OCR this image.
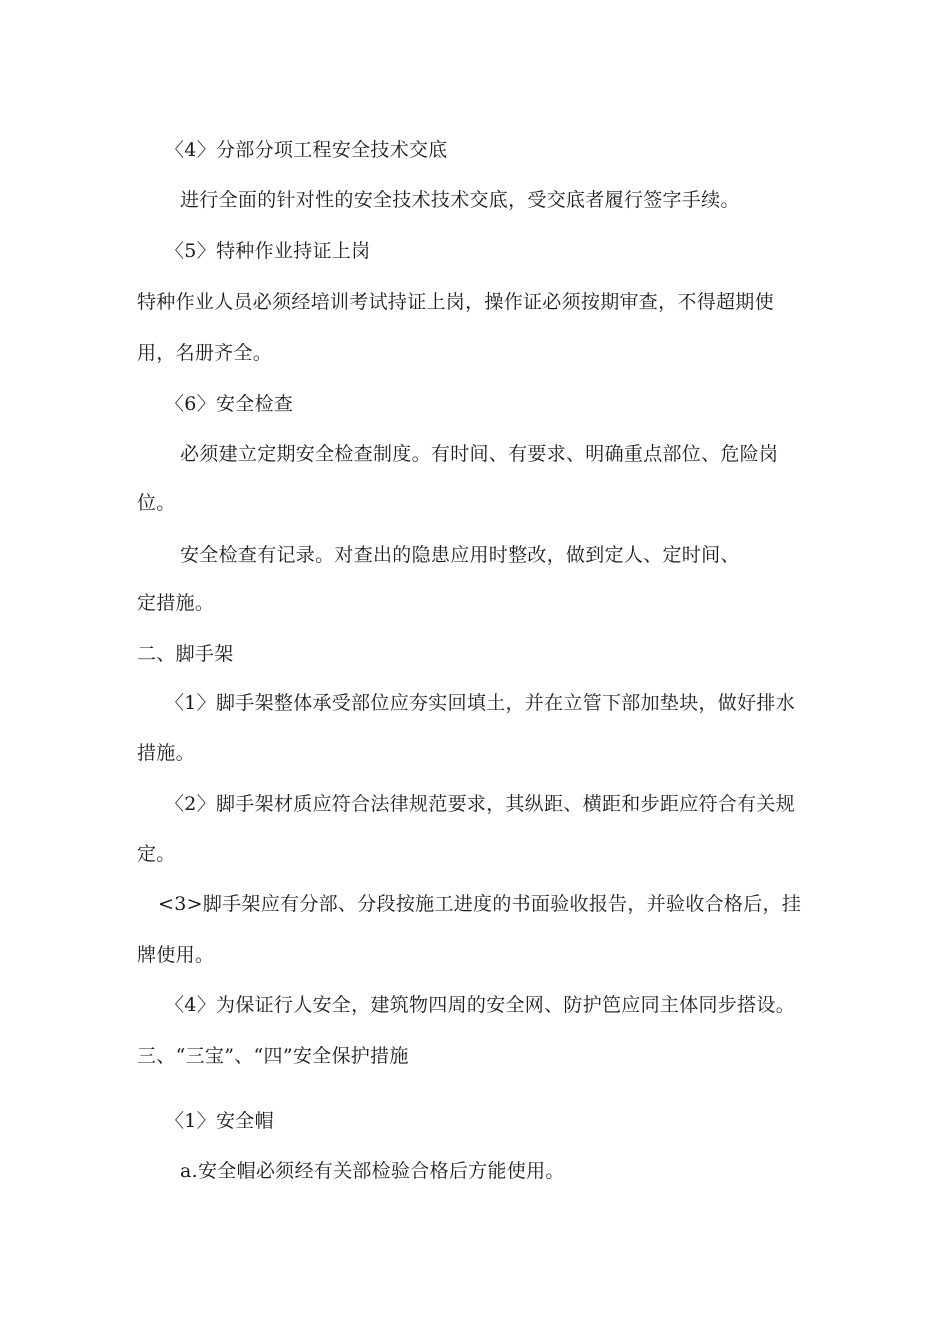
〈4〉分部分项工程安全技术交底

进行全面的针对性的安全技术技术交底，受交底者履行签字手续。

〈5〉特种作业持证上岗

特种作业人员必须经培训考试持证上岗，操作证必须按期审查，不得超期使

用，名册齐全。

〈6〉安全检查

必须建立定期安全检查制度。有时间、有要求、明确重点部位、危险岗

位。

安全检查有记录。对查出的隐患应用时整改，做到定人、定时间、

定措施。

二、脚手架

〈1〉脚手架整体承受部位应夯实回填土，并在立管下部加垫块，做好排水

措施。

〈2〉脚手架材质应符合法律规范要求，其纵距、横距和步距应符合有关规

定。

<3>脚手架应有分部、分段按施工进度的书面验收报告，并验收合格后，挂

牌使用。

〈4〉为保证行人安全，建筑物四周的安全网、防护笆应同主体同步搭设。

三、“三宝”、“四”安全保护措施

〈1〉安全帽

a.安全帽必须经有关部检验合格后方能使用。
